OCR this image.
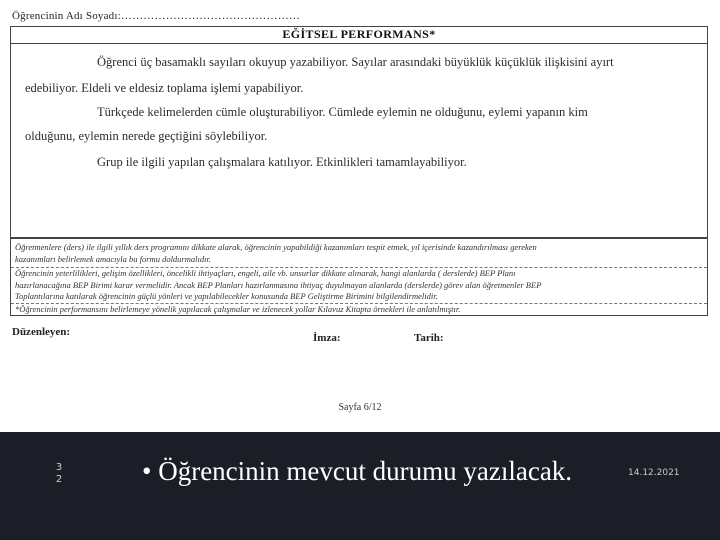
Öğrencinin Adı Soyadı:…………………………………………
EĞİTSEL PERFORMANS*
Öğrenci üç basamaklı sayıları okuyup yazabiliyor. Sayılar arasındaki büyüklük küçüklük ilişkisini ayırt
edebiliyor. Eldeli ve eldesiz toplama işlemi yapabiliyor.
Türkçede kelimelerden cümle oluşturabiliyor. Cümlede eylemin ne olduğunu, eylemi yapanın kim
olduğunu, eylemin nerede geçtiğini söylebiliyor.
Grup ile ilgili yapılan çalışmalara katılıyor. Etkinlikleri tamamlayabiliyor.
Öğretmenlere (ders) ile ilgili yıllık ders programını dikkate alarak, öğrencinin yapabildiği kazanımları tespit etmek, yıl içerisinde kazandırılması gereken
kazanımları belirlemek amacıyla bu formu doldurmalıdır.
Öğrencinin yeterlilikleri, gelişim özellikleri, öncelikli ihtiyaçları, engeli, aile vb. unsurlar dikkate alınarak, hangi alanlarda ( derslerde) BEP Planı
hazırlanacağına BEP Birimi karar vermelidir. Ancak BEP Planları hazırlanmasına ihtiyaç duyulmayan alanlarda (derslerde) görev alan öğretmenler BEP
Toplantılarına katılarak öğrencinin güçlü yönleri ve yapılabilecekler konusunda BEP Geliştirme Birimini bilgilendirmelidir.
*Öğrencinin performansını belirlemeye yönelik yapılacak çalışmalar ve izlenecek yollar Kılavuz Kitapta örnekleri ile anlatılmıştır.
Düzenleyen:	İmza:	Tarih:
Sayfa 6/12
32	• Öğrencinin mevcut durumu yazılacak.	14.12.2021
